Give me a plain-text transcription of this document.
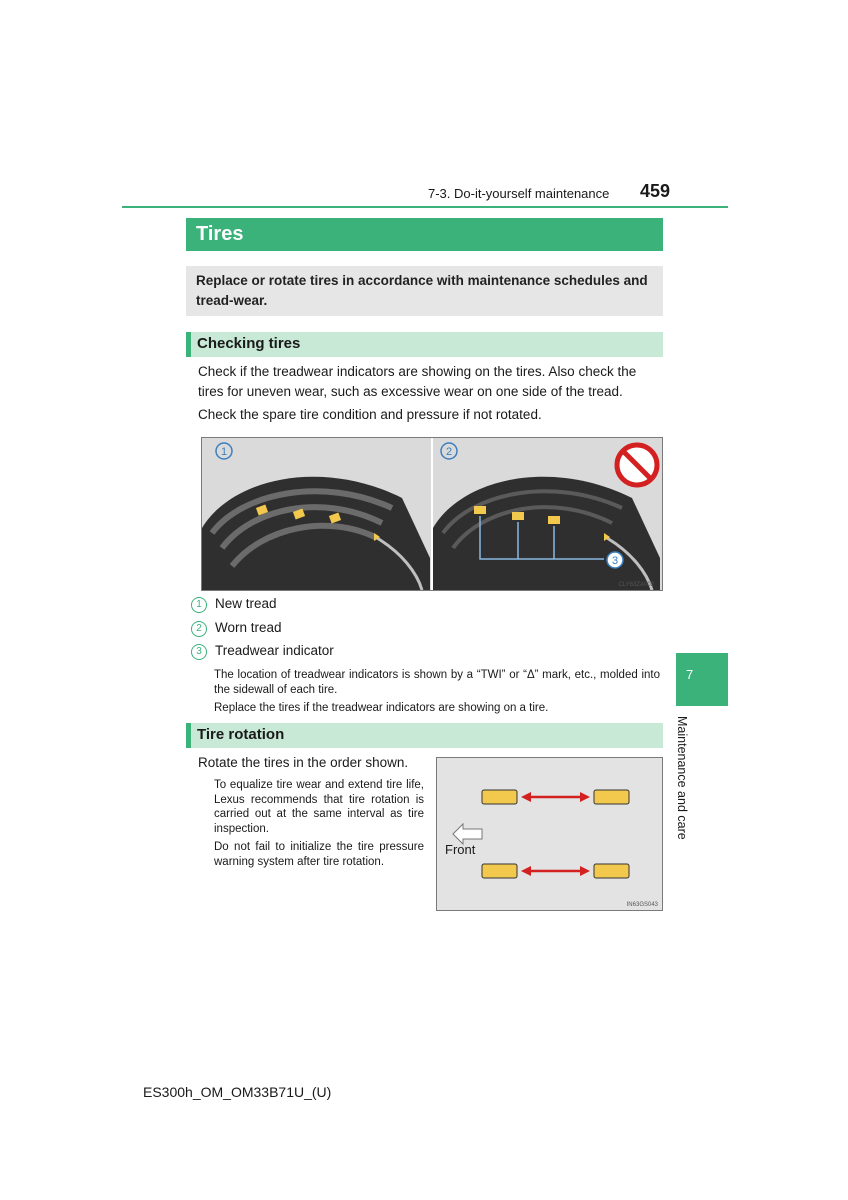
7-3. Do-it-yourself maintenance 459
Tires
Replace or rotate tires in accordance with maintenance schedules and tread-wear.
Checking tires
Check if the treadwear indicators are showing on the tires. Also check the tires for uneven wear, such as excessive wear on one side of the tread.
Check the spare tire condition and pressure if not rotated.
1
3
2
CLY63ZA002
1 New tread
2 Worn tread
3 Treadwear indicator
The location of treadwear indicators is shown by a “TWI” or “Δ” mark, etc., molded into the sidewall of each tire.
Replace the tires if the treadwear indicators are showing on a tire.
Tire rotation
Rotate the tires in the order shown.
To equalize tire wear and extend tire life, Lexus recommends that tire rotation is carried out at the same interval as tire inspection.
Do not fail to initialize the tire pressure warning system after tire rotation.
Front
IN63GS043
7
Maintenance and care
ES300h_OM_OM33B71U_(U)
